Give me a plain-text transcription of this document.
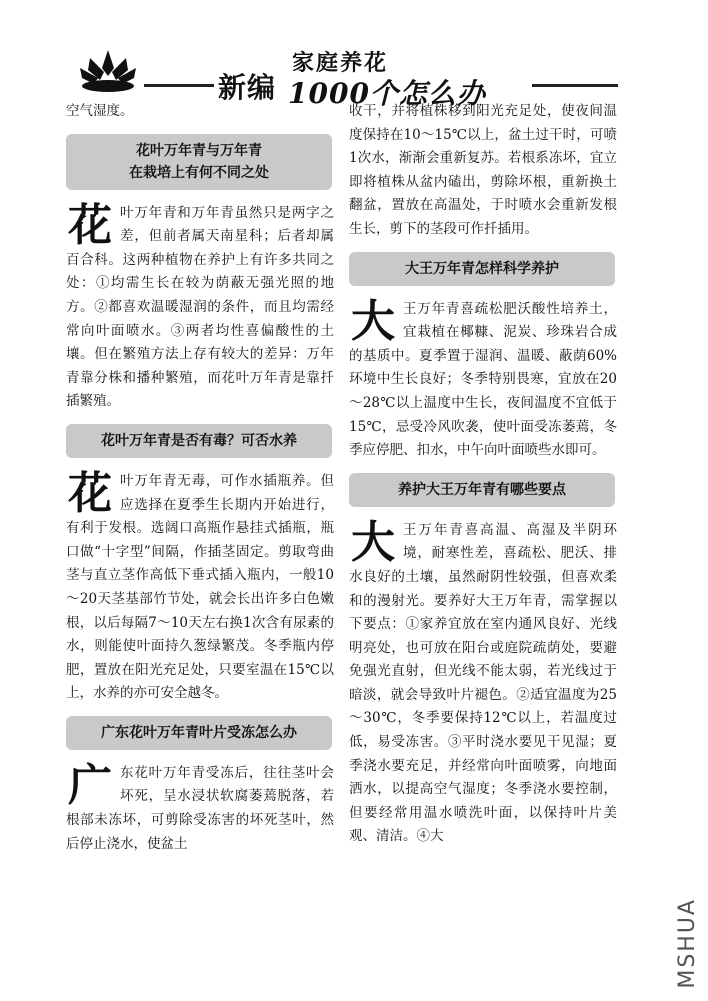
新编
家庭养花
1000个怎么办

空气湿度。

花叶万年青与万年青
在栽培上有何不同之处

花叶万年青和万年青虽然只是两字之差，但前者属天南星科；后者却属百合科。这两种植物在养护上有许多共同之处：①均需生长在较为荫蔽无强光照的地方。②都喜欢温暖湿润的条件，而且均需经常向叶面喷水。③两者均性喜偏酸性的土壤。但在繁殖方法上存有较大的差异：万年青靠分株和播种繁殖，而花叶万年青是靠扦插繁殖。

花叶万年青是否有毒？可否水养

花叶万年青无毒，可作水插瓶养。但应选择在夏季生长期内开始进行，有利于发根。选阔口高瓶作悬挂式插瓶，瓶口做“十字型”间隔，作插茎固定。剪取弯曲茎与直立茎作高低下垂式插入瓶内，一般10～20天茎基部竹节处，就会长出许多白色嫩根，以后每隔7～10天左右换1次含有尿素的水，则能使叶面持久葱绿繁茂。冬季瓶内停肥，置放在阳光充足处，只要室温在15℃以上，水养的亦可安全越冬。

广东花叶万年青叶片受冻怎么办

广东花叶万年青受冻后，往往茎叶会坏死，呈水浸状软腐萎蔫脱落，若根部未冻坏，可剪除受冻害的坏死茎叶，然后停止浇水，使盆土

收干，并将植株移到阳光充足处，使夜间温度保持在10～15℃以上，盆土过干时，可喷1次水，渐渐会重新复苏。若根系冻坏，宜立即将植株从盆内磕出，剪除坏根，重新换土翻盆，置放在高温处，于时喷水会重新发根生长，剪下的茎段可作扦插用。

大王万年青怎样科学养护

大王万年青喜疏松肥沃酸性培养土，宜栽植在椰糠、泥炭、珍珠岩合成的基质中。夏季置于湿润、温暖、蔽荫60%环境中生长良好；冬季特别畏寒，宜放在20～28℃以上温度中生长，夜间温度不宜低于15℃，忌受冷风吹袭，使叶面受冻萎蔫，冬季应停肥、扣水，中午向叶面喷些水即可。

养护大王万年青有哪些要点

大王万年青喜高温、高湿及半阴环境，耐寒性差，喜疏松、肥沃、排水良好的土壤，虽然耐阴性较强，但喜欢柔和的漫射光。要养好大王万年青，需掌握以下要点：①家养宜放在室内通风良好、光线明亮处，也可放在阳台或庭院疏荫处，要避免强光直射，但光线不能太弱，若光线过于暗淡，就会导致叶片褪色。②适宜温度为25～30℃，冬季要保持12℃以上，若温度过低，易受冻害。③平时浇水要见干见湿；夏季浇水要充足，并经常向叶面喷雾，向地面洒水，以提高空气湿度；冬季浇水要控制，但要经常用温水喷洗叶面，以保持叶片美观、清洁。④大

MSHUA
